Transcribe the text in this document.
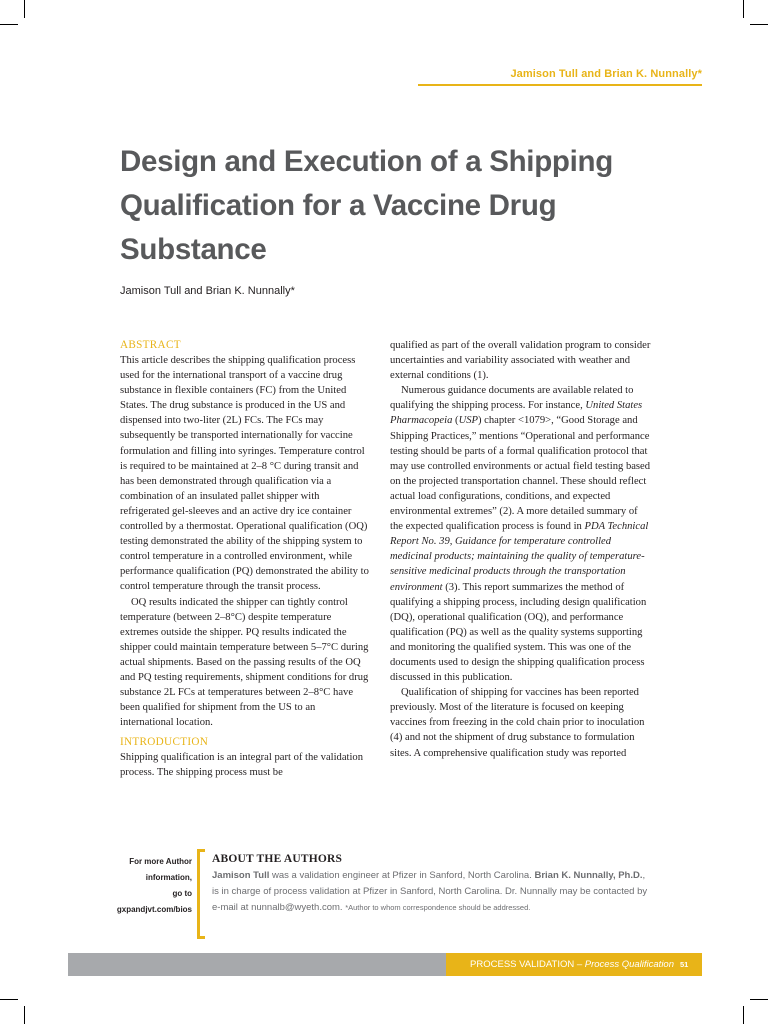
Jamison Tull and Brian K. Nunnally*
Design and Execution of a Shipping Qualification for a Vaccine Drug Substance

Jamison Tull and Brian K. Nunnally*

ABSTRACT

This article describes the shipping qualification process used for the international transport of a vaccine drug substance in flexible containers (FC) from the United States. The drug substance is produced in the US and dispensed into two-liter (2L) FCs. The FCs may subsequently be transported internationally for vaccine formulation and filling into syringes. Temperature control is required to be maintained at 2–8 °C during transit and has been demonstrated through qualification via a combination of an insulated pallet shipper with refrigerated gel-sleeves and an active dry ice container controlled by a thermostat. Operational qualification (OQ) testing demonstrated the ability of the shipping system to control temperature in a controlled environment, while performance qualification (PQ) demonstrated the ability to control temperature through the transit process.

OQ results indicated the shipper can tightly control temperature (between 2–8°C) despite temperature extremes outside the shipper. PQ results indicated the shipper could maintain temperature between 5–7°C during actual shipments. Based on the passing results of the OQ and PQ testing requirements, shipment conditions for drug substance 2L FCs at temperatures between 2–8°C have been qualified for shipment from the US to an international location.

INTRODUCTION

Shipping qualification is an integral part of the validation process. The shipping process must be

qualified as part of the overall validation program to consider uncertainties and variability associated with weather and external conditions (1).

Numerous guidance documents are available related to qualifying the shipping process. For instance, United States Pharmacopeia (USP) chapter <1079>, “Good Storage and Shipping Practices,” mentions “Operational and performance testing should be parts of a formal qualification protocol that may use controlled environments or actual field testing based on the projected transportation channel. These should reflect actual load configurations, conditions, and expected environmental extremes” (2). A more detailed summary of the expected qualification process is found in PDA Technical Report No. 39, Guidance for temperature controlled medicinal products; maintaining the quality of temperature-sensitive medicinal products through the transportation environment (3). This report summarizes the method of qualifying a shipping process, including design qualification (DQ), operational qualification (OQ), and performance qualification (PQ) as well as the quality systems supporting and monitoring the qualified system. This was one of the documents used to design the shipping qualification process discussed in this publication.

Qualification of shipping for vaccines has been reported previously. Most of the literature is focused on keeping vaccines from freezing in the cold chain prior to inoculation (4) and not the shipment of drug substance to formulation sites. A comprehensive qualification study was reported

For more Author
information,
go to
gxpandjvt.com/bios
ABOUT THE AUTHORS

Jamison Tull was a validation engineer at Pfizer in Sanford, North Carolina. Brian K. Nunnally, Ph.D., is in charge of process validation at Pfizer in Sanford, North Carolina. Dr. Nunnally may be contacted by e-mail at nunnalb@wyeth.com. *Author to whom correspondence should be addressed.

PROCESS VALIDATION – Process Qualification 51
